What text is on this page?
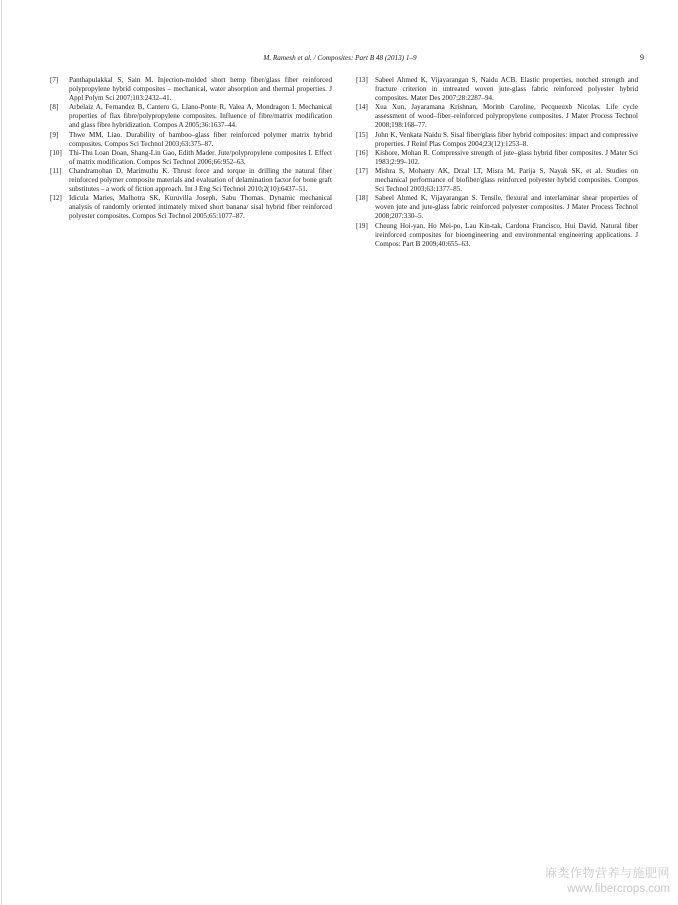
M. Ramesh et al. / Composites: Part B 48 (2013) 1–9	9
[7]	Panthapulakkal S, Sain M. Injection-molded short hemp fiber/glass fiber reinforced polypropylene hybrid composites – mechanical, water absorption and thermal properties. J Appl Polym Sci 2007;103:2432–41.
[8]	Arbelaiz A, Fernandez B, Cantero G, Llano-Ponte R, Valea A, Mondragon I. Mechanical properties of flax fibre/polypropylene composites. Influence of fibre/matrix modification and glass fibre hybridization. Compos A 2005;36:1637–44.
[9]	Thwe MM, Liao. Durability of bamboo–glass fiber reinforced polymer matrix hybrid composites. Compos Sci Technol 2003;63:375–87.
[10]	Thi-Thu Loan Doan, Shang-Lin Gao, Edith Mader. Jute/polypropylene composites I. Effect of matrix modification. Compos Sci Technol 2006;66:952–63.
[11]	Chandramohan D, Marimuthu K. Thrust force and torque in drilling the natural fiber reinforced polymer composite materials and evaluation of delamination factor for bone graft substitutes – a work of fiction approach. Int J Eng Sci Technol 2010;2(10):6437–51.
[12]	Idicula Maries, Malhotra SK, Kuruvilla Joseph, Sabu Thomas. Dynamic mechanical analysis of randomly oriented intimately mixed short banana/ sisal hybrid fiber reinforced polyester composites. Compos Sci Technol 2005;65:1077–87.
[13]	Sabeel Ahmed K, Vijayarangan S, Naidu ACB. Elastic properties, notched strength and fracture criterion in untreated woven jute-glass fabric reinforced polyester hybrid composites. Mater Des 2007;28:2287–94.
[14]	Xua Xun, Jayaramana Krishnan, Morinb Caroline, Pecqueuxb Nicolas. Life cycle assessment of wood–fiber–reinforced polypropylene composites. J Mater Process Technol 2008;198:168–77.
[15]	John K, Venkata Naidu S. Sisal fiber/glass fiber hybrid composites: impact and compressive properties. J Reinf Plas Compos 2004;23(12):1253–8.
[16]	Kishore, Mohan R. Compressive strength of jute–glass hybrid fiber composites. J Mater Sci 1983;2:99–102.
[17]	Mishra S, Mohanty AK, Drzal LT, Misra M, Parija S, Nayak SK, et al. Studies on mechanical performance of biofiber/glass reinforced polyester hybrid composites. Compos Sci Technol 2003;63:1377–85.
[18]	Sabeel Ahmed K, Vijayarangan S. Tensile, flexural and interlaminar shear properties of woven jute and jute-glass fabric reinforced polyester composites. J Mater Process Technol 2008;207:330–5.
[19]	Cheung Hoi-yan, Ho Mei-po, Lau Kin-tak, Cardona Francisco, Hui David. Natural fiber ireinforced composites for bioengineering and environmental engineering applications. J Compos: Part B 2009;40:655–63.
麻类作物营养与施肥网
www.fibercrops.com
